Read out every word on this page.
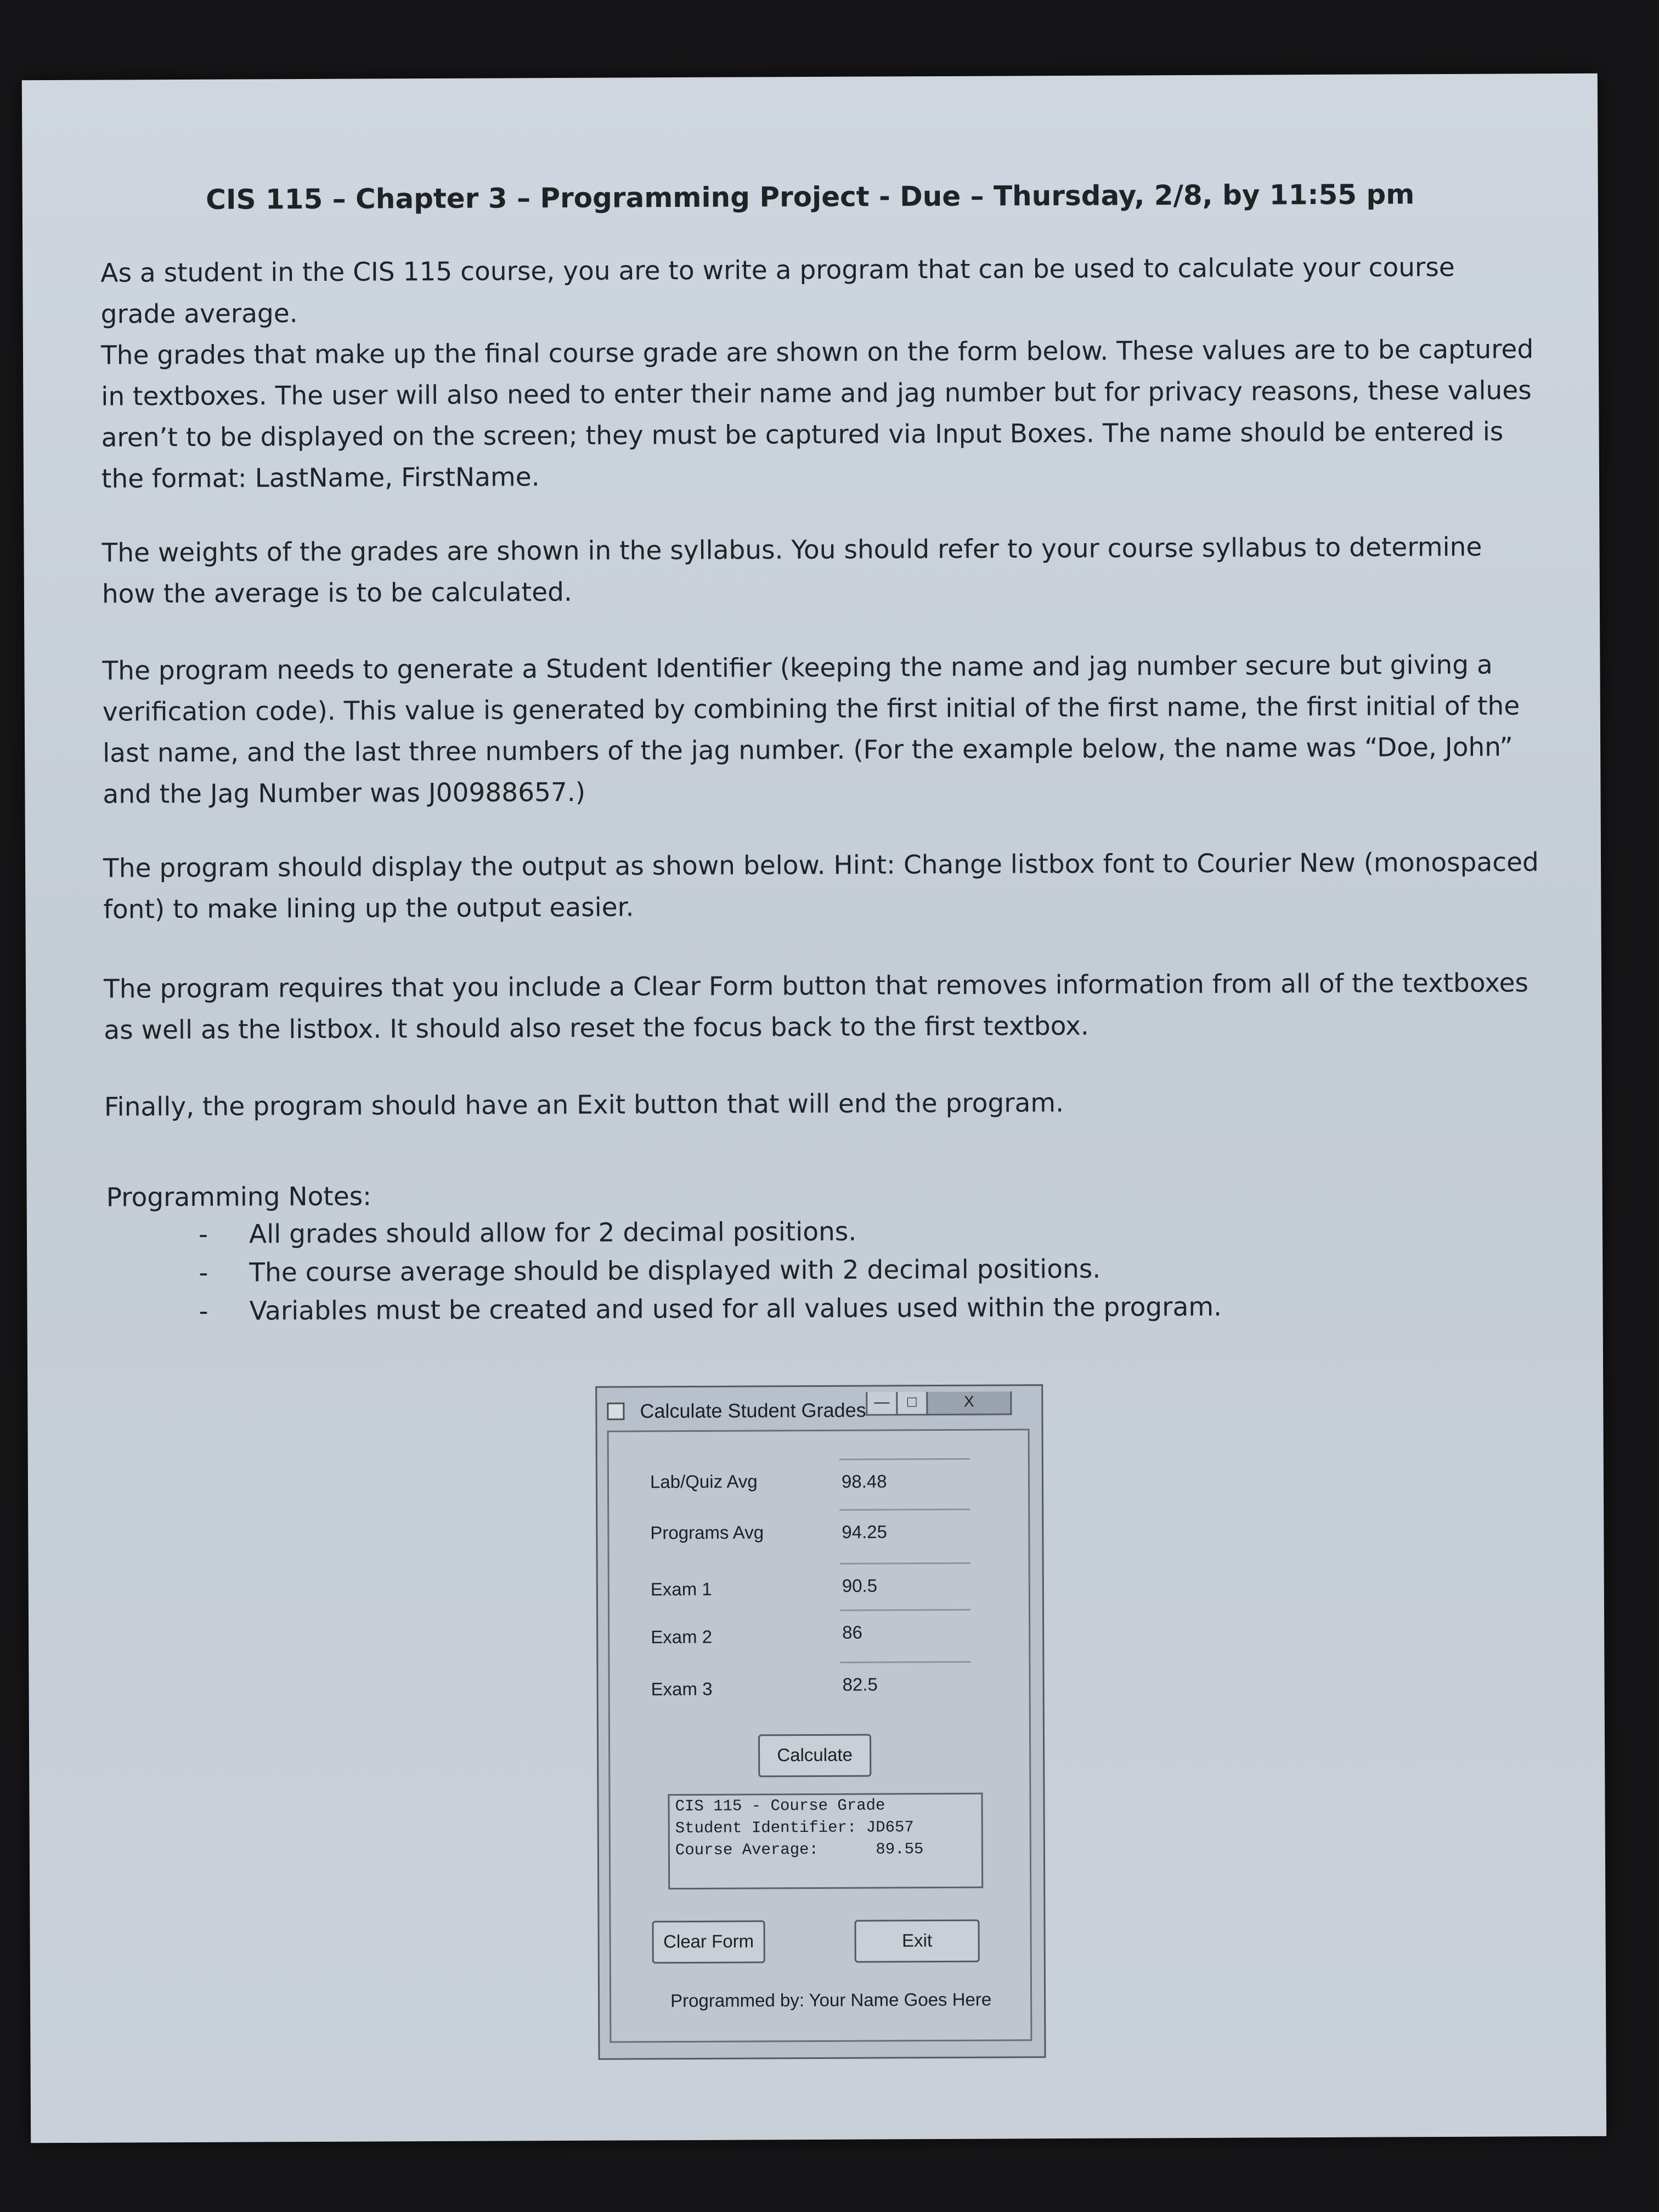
CIS 115 – Chapter 3 – Programming Project - Due – Thursday, 2/8, by 11:55 pm
As a student in the CIS 115 course, you are to write a program that can be used to calculate your course grade average.
The grades that make up the final course grade are shown on the form below. These values are to be captured in textboxes. The user will also need to enter their name and jag number but for privacy reasons, these values aren’t to be displayed on the screen; they must be captured via Input Boxes. The name should be entered is the format: LastName, FirstName.
The weights of the grades are shown in the syllabus. You should refer to your course syllabus to determine how the average is to be calculated.
The program needs to generate a Student Identifier (keeping the name and jag number secure but giving a verification code). This value is generated by combining the first initial of the first name, the first initial of the last name, and the last three numbers of the jag number. (For the example below, the name was “Doe, John” and the Jag Number was J00988657.)
The program should display the output as shown below. Hint: Change listbox font to Courier New (monospaced font) to make lining up the output easier.
The program requires that you include a Clear Form button that removes information from all of the textboxes as well as the listbox. It should also reset the focus back to the first textbox.
Finally, the program should have an Exit button that will end the program.
Programming Notes:
- All grades should allow for 2 decimal positions.
- The course average should be displayed with 2 decimal positions.
- Variables must be created and used for all values used within the program.
Calculate Student Grades —	□	X
Lab/Quiz Avg	98.48
Programs Avg	94.25
Exam 1	90.5
Exam 2	86
Exam 3	82.5
Calculate
CIS 115 - Course Grade
Student Identifier: JD657
Course Average:      89.55
Clear Form	Exit
Programmed by: Your Name Goes Here
